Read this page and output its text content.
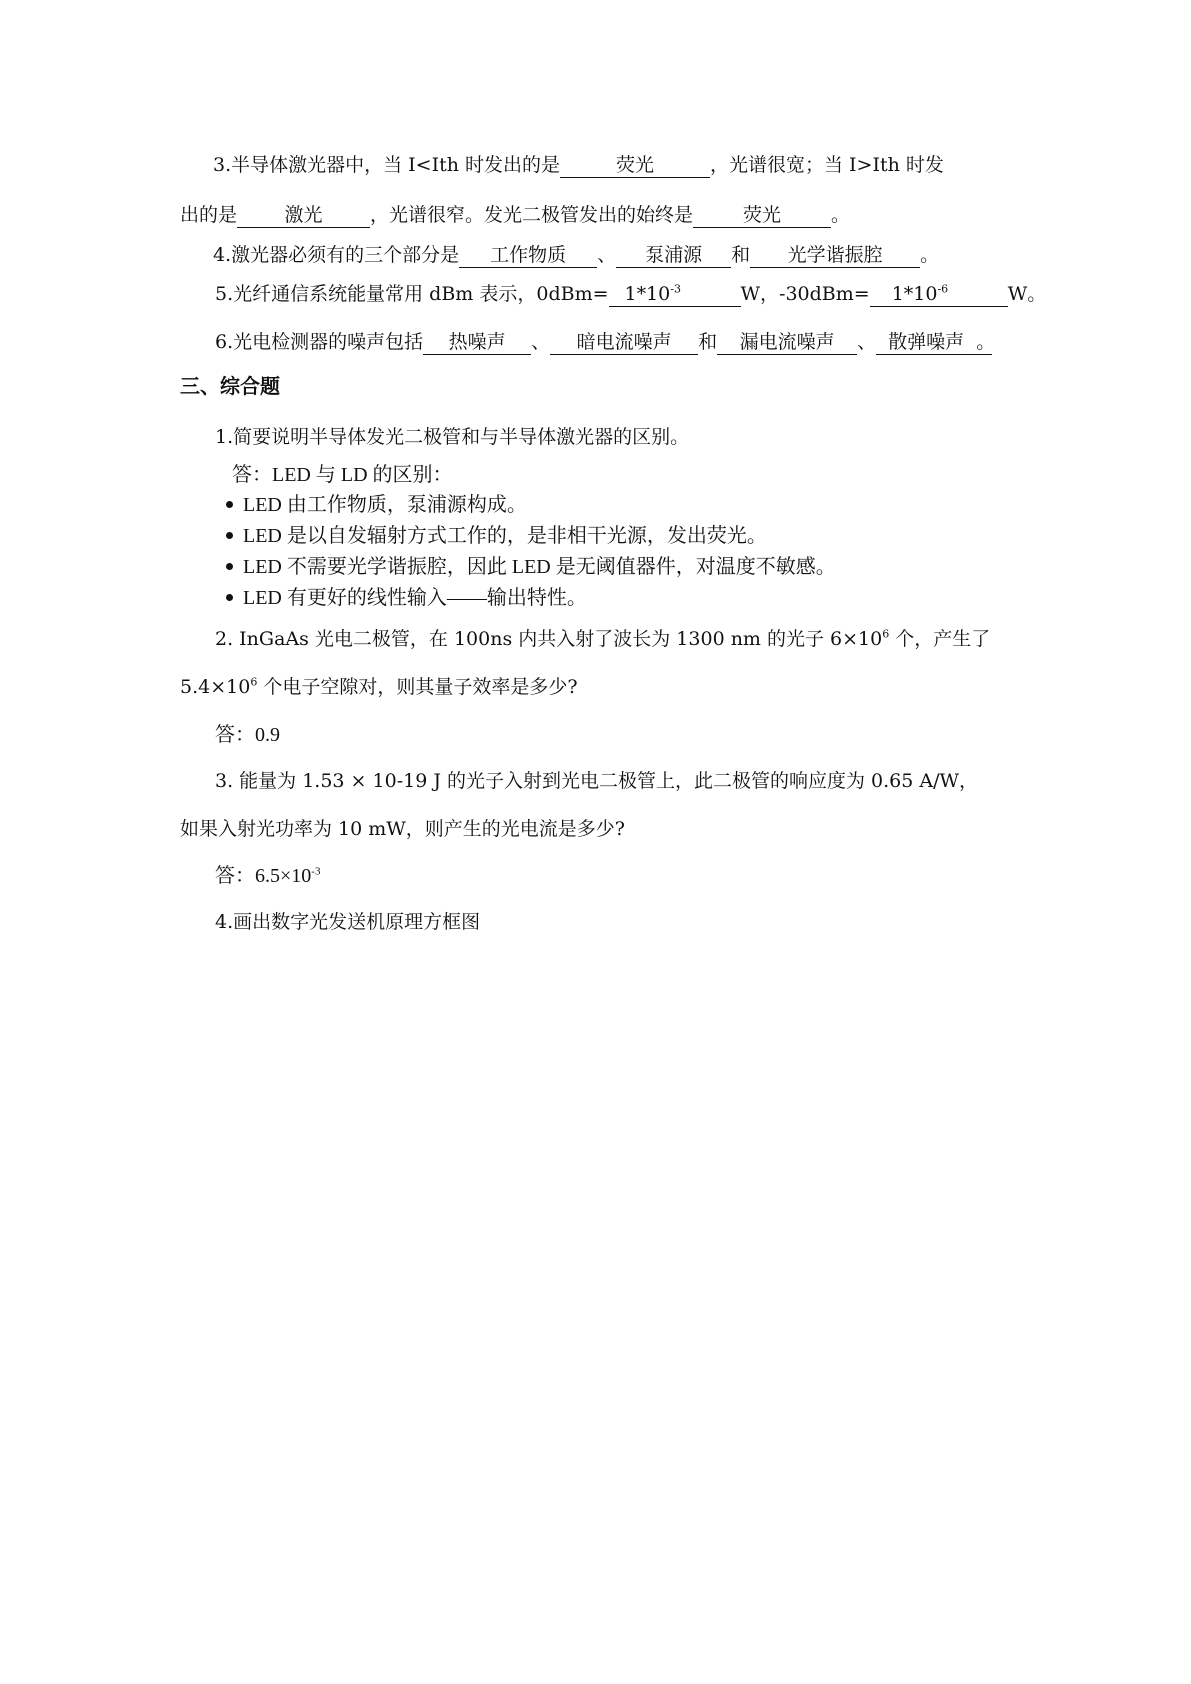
3.半导体激光器中，当 I<Ith 时发出的是	荧光	，光谱很宽；当 I>Ith 时发
出的是 激光	，光谱很窄。发光二极管发出的始终是	荧光	。
4.激光器必须有的三个部分是 工作物质 、 泵浦源 和 光学谐振腔 。
5.光纤通信系统能量常用 dBm 表示，$0dBm= 1*10^{-3}$	W，$-30dBm= 1*10^{-6}$	W。
6.光电检测器的噪声包括 热噪声 、 暗电流噪声 和 漏电流噪声 、 散弹噪声 。
三、综合题
1.简要说明半导体发光二极管和与半导体激光器的区别。
答：LED 与 LD 的区别：
LED 由工作物质，泵浦源构成。
LED 是以自发辐射方式工作的，是非相干光源，发出荧光。
LED 不需要光学谐振腔，因此 LED 是无阈值器件，对温度不敏感。
LED 有更好的线性输入——输出特性。
2. InGaAs 光电二极管，在 100ns 内共入射了波长为 1300 nm 的光子 $6\times 10^6$ 个，产生了
$5.4\times 10^6$ 个电子空隙对，则其量子效率是多少?
答：0.9
3. 能量为 1.53 × 10-19 J 的光子入射到光电二极管上，此二极管的响应度为 0.65 A/W，
如果入射光功率为 10 mW，则产生的光电流是多少?
答：$6.5\times 10^{-3}$
4.画出数字光发送机原理方框图
